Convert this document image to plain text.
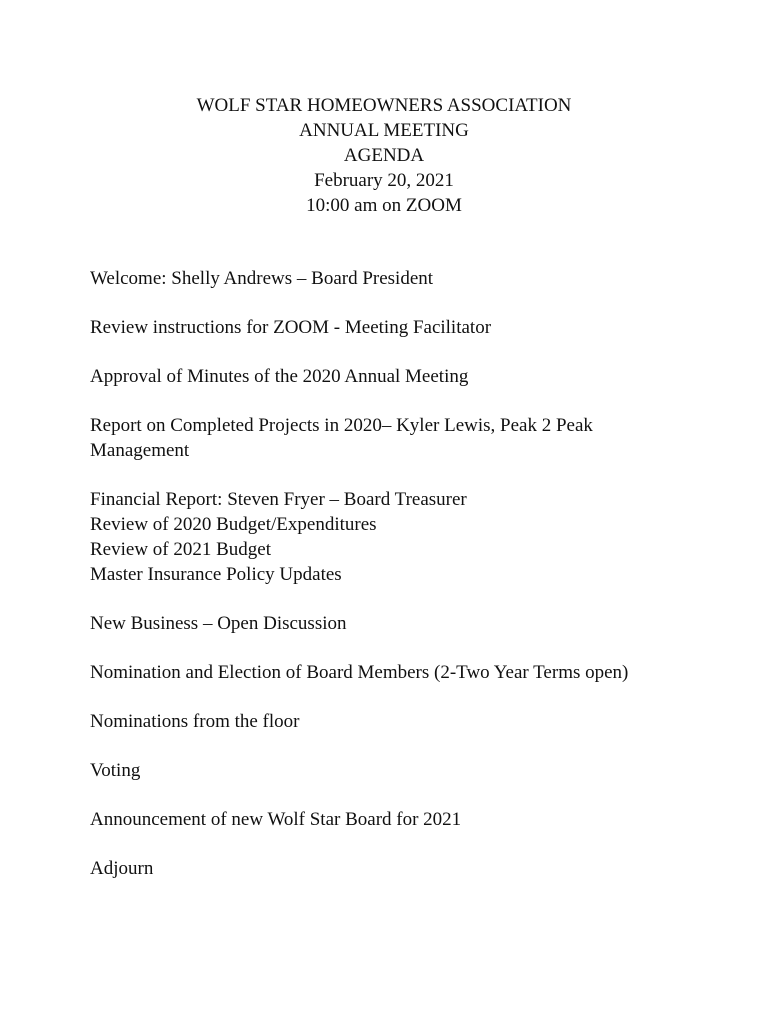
WOLF STAR HOMEOWNERS ASSOCIATION
ANNUAL MEETING
AGENDA
February 20, 2021
10:00 am on ZOOM
Welcome: Shelly Andrews – Board President
Review instructions for ZOOM - Meeting Facilitator
Approval of Minutes of the 2020 Annual Meeting
Report on Completed Projects in 2020– Kyler Lewis, Peak 2 Peak Management
Financial Report: Steven Fryer – Board Treasurer
Review of 2020 Budget/Expenditures
Review of 2021 Budget
Master Insurance Policy Updates
New Business – Open Discussion
Nomination and Election of Board Members (2-Two Year Terms open)
Nominations from the floor
Voting
Announcement of new Wolf Star Board for 2021
Adjourn
